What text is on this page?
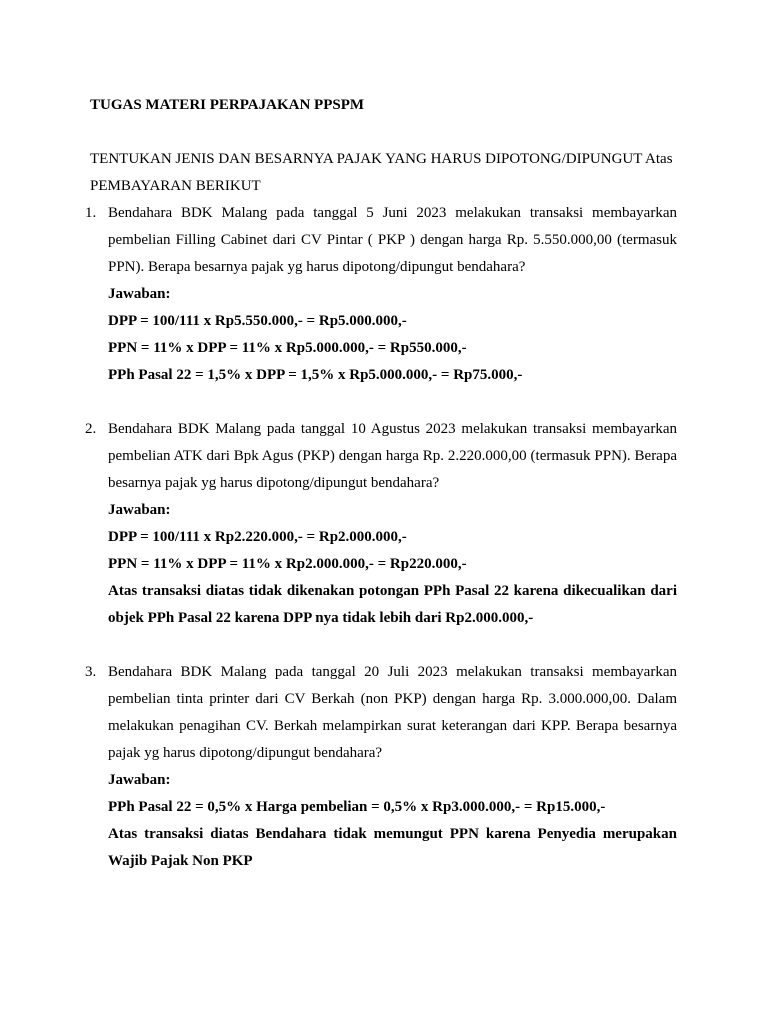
TUGAS MATERI PERPAJAKAN PPSPM

TENTUKAN JENIS DAN BESARNYA PAJAK YANG HARUS DIPOTONG/DIPUNGUT Atas PEMBAYARAN BERIKUT

1. Bendahara BDK Malang pada tanggal 5 Juni 2023 melakukan transaksi membayarkan pembelian Filling Cabinet dari CV Pintar ( PKP ) dengan harga Rp. 5.550.000,00 (termasuk PPN). Berapa besarnya pajak yg harus dipotong/dipungut bendahara?

Jawaban:

DPP = 100/111 x Rp5.550.000,- = Rp5.000.000,-

PPN = 11% x DPP = 11% x Rp5.000.000,- = Rp550.000,-

PPh Pasal 22 = 1,5% x DPP = 1,5% x Rp5.000.000,- = Rp75.000,-

2. Bendahara BDK Malang pada tanggal 10 Agustus 2023 melakukan transaksi membayarkan pembelian ATK dari Bpk Agus (PKP) dengan harga Rp. 2.220.000,00 (termasuk PPN). Berapa besarnya pajak yg harus dipotong/dipungut bendahara?

Jawaban:

DPP = 100/111 x Rp2.220.000,- = Rp2.000.000,-

PPN = 11% x DPP = 11% x Rp2.000.000,- = Rp220.000,-

Atas transaksi diatas tidak dikenakan potongan PPh Pasal 22 karena dikecualikan dari objek PPh Pasal 22 karena DPP nya tidak lebih dari Rp2.000.000,-

3. Bendahara BDK Malang pada tanggal 20 Juli 2023 melakukan transaksi membayarkan pembelian tinta printer dari CV Berkah (non PKP) dengan harga Rp. 3.000.000,00. Dalam melakukan penagihan CV. Berkah melampirkan surat keterangan dari KPP. Berapa besarnya pajak yg harus dipotong/dipungut bendahara?

Jawaban:

PPh Pasal 22 = 0,5% x Harga pembelian = 0,5% x Rp3.000.000,- = Rp15.000,-

Atas transaksi diatas Bendahara tidak memungut PPN karena Penyedia merupakan Wajib Pajak Non PKP
